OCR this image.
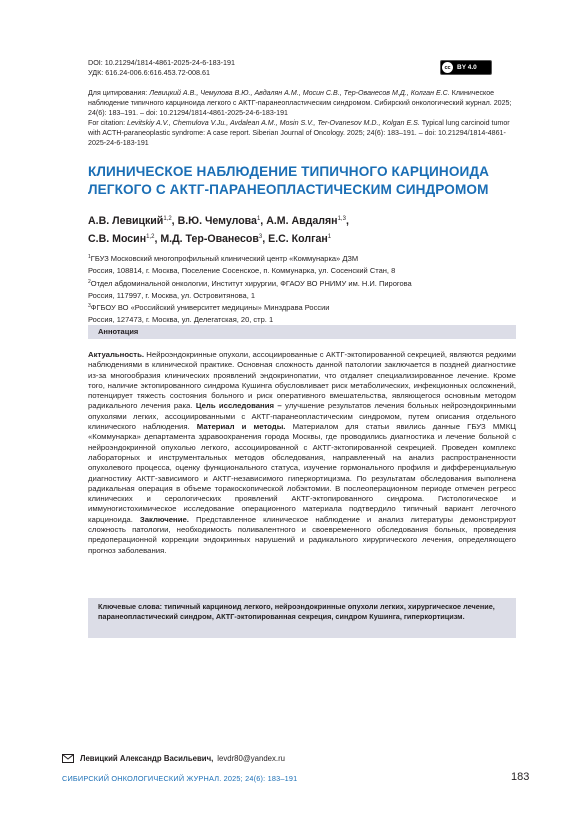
DOI: 10.21294/1814-4861-2025-24-6-183-191
УДК: 616.24-006.6:616.453.72-008.61
cc BY 4.0

Для цитирования: Левицкий А.В., Чемулова В.Ю., Авдалян А.М., Мосин С.В., Тер-Ованесов М.Д., Колган Е.С. Клиническое наблюдение типичного карциноида легкого с АКТГ-паранеопластическим синдромом. Сибирский онкологический журнал. 2025; 24(6): 183–191. – doi: 10.21294/1814-4861-2025-24-6-183-191

For citation: Levitskiy A.V., Chemulova V.Ju., Avdalean A.M., Mosin S.V., Ter-Ovanesov M.D., Kolgan E.S. Typical lung carcinoid tumor with ACTH-paraneoplastic syndrome: A case report. Siberian Journal of Oncology. 2025; 24(6): 183–191. – doi: 10.21294/1814-4861-2025-24-6-183-191

КЛИНИЧЕСКОЕ НАБЛЮДЕНИЕ ТИПИЧНОГО КАРЦИНОИДА ЛЕГКОГО С АКТГ-ПАРАНЕОПЛАСТИЧЕСКИМ СИНДРОМОМ
А.В. Левицкий$^{1,2}$, В.Ю. Чемулова$^1$, А.М. Авдалян$^{1,3}$,
С.В. Мосин$^{1,2}$, М.Д. Тер-Ованесов$^3$, Е.С. Колган$^1$

$^1$ГБУЗ Московский многопрофильный клинический центр «Коммунарка» ДЗМ

Россия, 108814, г. Москва, Поселение Сосенское, п. Коммунарка, ул. Сосенский Стан, 8

$^2$Отдел абдоминальной онкологии, Институт хирургии, ФГАОУ ВО РНИМУ им. Н.И. Пирогова

Россия, 117997, г. Москва, ул. Островитянова, 1

$^3$ФГБОУ ВО «Российский университет медицины» Минздрава России

Россия, 127473, г. Москва, ул. Делегатская, 20, стр. 1

Аннотация
Актуальность. Нейроэндокринные опухоли, ассоциированные с АКТГ-эктопированной секрецией, являются редкими наблюдениями в клинической практике. Основная сложность данной патологии заключается в поздней диагностике из-за многообразия клинических проявлений эндокринопатии, что отдаляет специализированное лечение. Кроме того, наличие эктопированного синдрома Кушинга обусловливает риск метаболических, инфекционных осложнений, потенцирует тяжесть состояния больного и риск оперативного вмешательства, являющегося основным методом радикального лечения рака. Цель исследования – улучшение результатов лечения больных нейроэндокринными опухолями легких, ассоциированными с АКТГ-паранеопластическим синдромом, путем описания отдельного клинического наблюдения. Материал и методы. Материалом для статьи явились данные ГБУЗ ММКЦ «Коммунарка» департамента здравоохранения города Москвы, где проводились диагностика и лечение больной с нейроэндокринной опухолью легкого, ассоциированной с АКТГ-эктопированной секрецией. Проведен комплекс лабораторных и инструментальных методов обследования, направленный на анализ распространенности опухолевого процесса, оценку функционального статуса, изучение гормонального профиля и дифференциальную диагностику АКТГ-зависимого и АКТГ-независимого гиперкортицизма. По результатам обследования выполнена радикальная операция в объеме торакоскопической лобэктомии. В послеоперационном периоде отмечен регресс клинических и серологических проявлений АКТГ-эктопированного синдрома. Гистологическое и иммуногистохимическое исследование операционного материала подтвердило типичный вариант легочного карциноида. Заключение. Представленное клиническое наблюдение и анализ литературы демонстрируют сложность патологии, необходимость поливалентного и своевременного обследования больных, проведения предоперационной коррекции эндокринных нарушений и радикального хирургического лечения, определяющего прогноз заболевания.
Ключевые слова: типичный карциноид легкого, нейроэндокринные опухоли легких, хирургическое лечение, паранеопластический синдром, АКТГ-эктопированная секреция, синдром Кушинга, гиперкортицизм.
Левицкий Александр Васильевич, levdr80@yandex.ru
СИБИРСКИЙ ОНКОЛОГИЧЕСКИЙ ЖУРНАЛ. 2025; 24(6): 183–191	183
